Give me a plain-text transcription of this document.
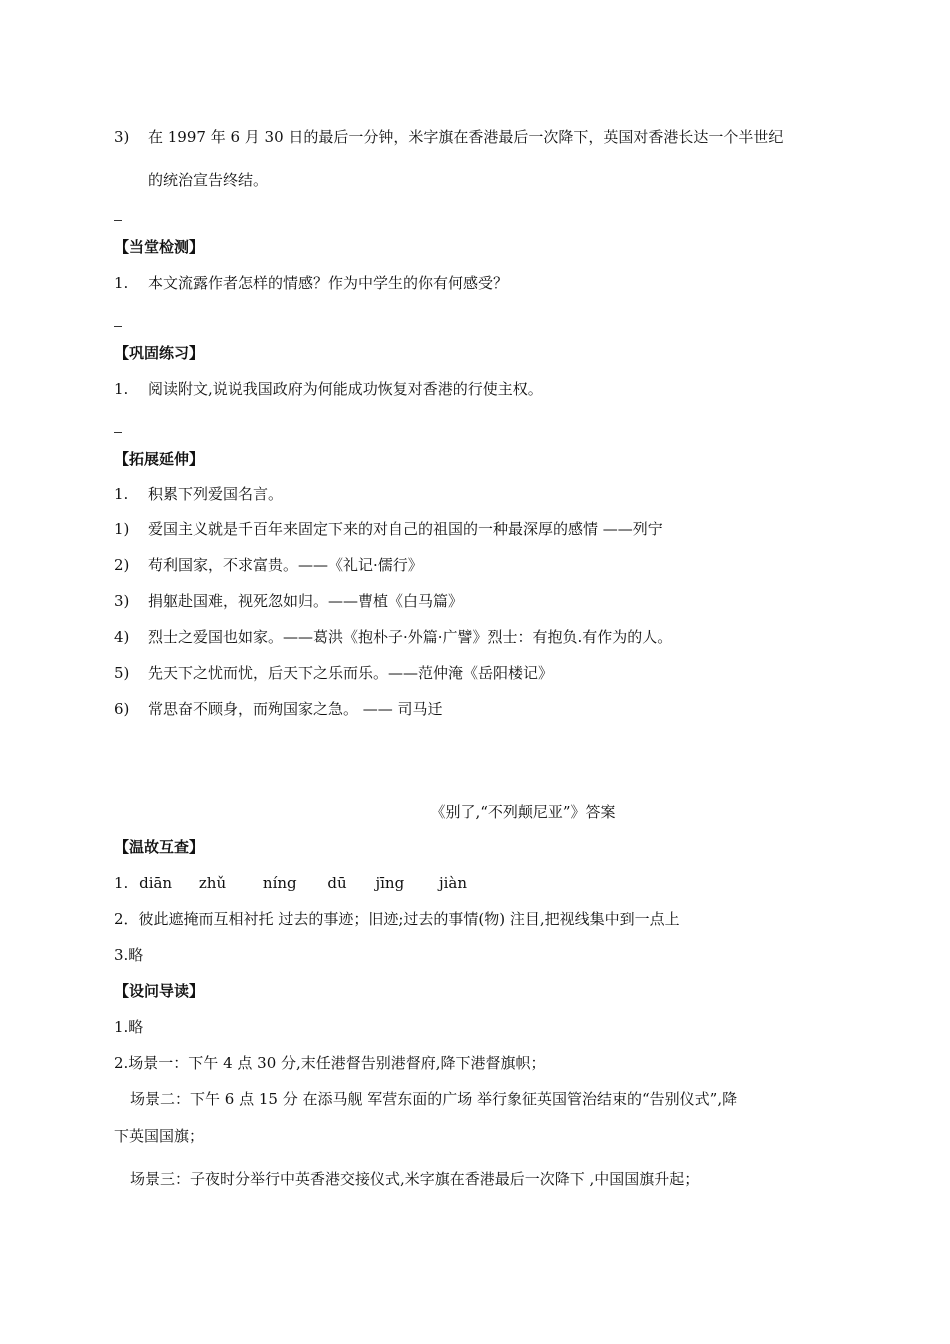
3) 在 1997 年 6 月 30 日的最后一分钟，米字旗在香港最后一次降下，英国对香港长达一个半世纪
的统治宣告终结。
【当堂检测】
1. 本文流露作者怎样的情感？作为中学生的你有何感受？
【巩固练习】
1. 阅读附文,说说我国政府为何能成功恢复对香港的行使主权。
【拓展延伸】
1. 积累下列爱国名言。
1) 爱国主义就是千百年来固定下来的对自己的祖国的一种最深厚的感情 ——列宁
2) 苟利国家，不求富贵。——《礼记·儒行》
3) 捐躯赴国难，视死忽如归。——曹植《白马篇》
4) 烈士之爱国也如家。——葛洪《抱朴子·外篇·广譬》烈士：有抱负.有作为的人。
5) 先天下之忧而忧，后天下之乐而乐。——范仲淹《岳阳楼记》
6) 常思奋不顾身，而殉国家之急。 —— 司马迁
《别了,“不列颠尼亚”》答案
【温故互查】
1. diān zhǔ níng dū jīng jiàn
2．彼此遮掩而互相衬托 过去的事迹；旧迹;过去的事情(物) 注目,把视线集中到一点上
3.略
【设问导读】
1.略
2.场景一：下午 4 点 30 分,末任港督告别港督府,降下港督旗帜；
场景二：下午 6 点 15 分 在添马舰 军营东面的广场 举行象征英国管治结束的“告别仪式”,降
下英国国旗；
场景三：子夜时分举行中英香港交接仪式,米字旗在香港最后一次降下 ,中国国旗升起；
